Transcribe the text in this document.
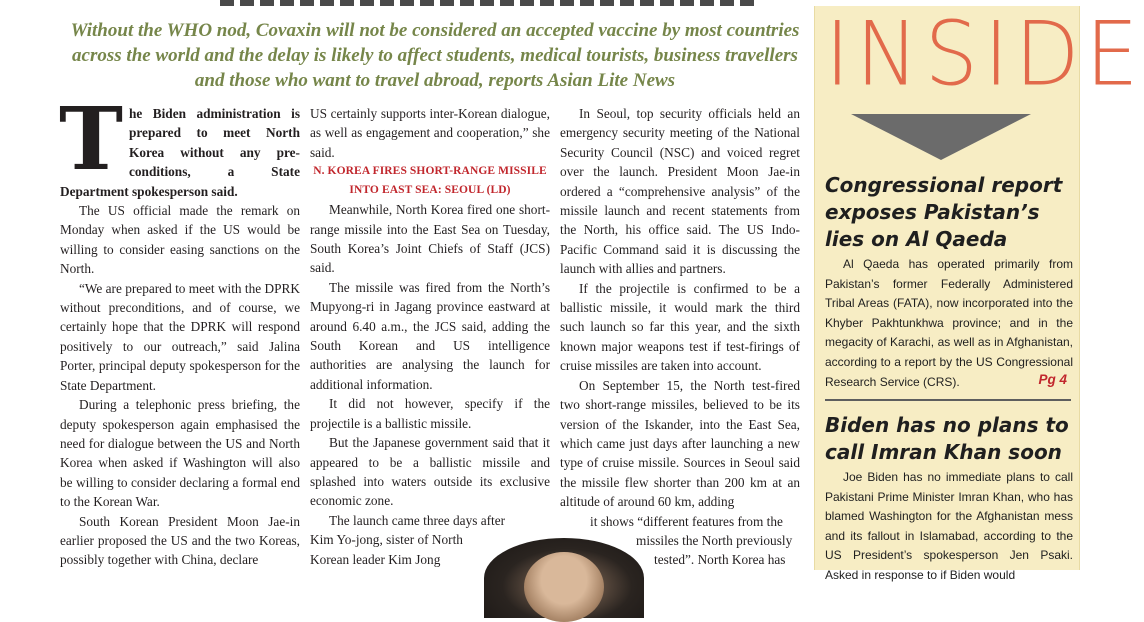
Without the WHO nod, Covaxin will not be considered an accepted vaccine by most countries across the world and the delay is likely to affect students, medical tourists, business travellers and those who want to travel abroad, reports Asian Lite News

The Biden administration is prepared to meet North Korea without any pre-conditions, a State Department spokesperson said.

The US official made the remark on Monday when asked if the US would be willing to consider easing sanctions on the North.

“We are prepared to meet with the DPRK without preconditions, and of course, we certainly hope that the DPRK will respond positively to our outreach,” said Jalina Porter, principal deputy spokesperson for the State Department.

During a telephonic press briefing, the deputy spokesperson again emphasised the need for dialogue between the US and North Korea when asked if Washington will also be willing to consider declaring a formal end to the Korean War.

South Korean President Moon Jae-in earlier proposed the US and the two Koreas, possibly together with China, declare

US certainly supports inter-Korean dialogue, as well as engagement and cooperation,” she said.

N. KOREA FIRES SHORT-RANGE MISSILE INTO EAST SEA: SEOUL (LD)

Meanwhile, North Korea fired one short-range missile into the East Sea on Tuesday, South Korea’s Joint Chiefs of Staff (JCS) said.

The missile was fired from the North’s Mupyong-ri in Jagang province eastward at around 6.40 a.m., the JCS said, adding the South Korean and US intelligence authorities are analysing the launch for additional information.

It did not however, specify if the projectile is a ballistic missile.

But the Japanese government said that it appeared to be a ballistic missile and splashed into waters outside its exclusive economic zone.

The launch came three days after

Kim Yo-jong, sister of North

Korean leader Kim Jong

In Seoul, top security officials held an emergency security meeting of the National Security Council (NSC) and voiced regret over the launch. President Moon Jae-in ordered a “comprehensive analysis” of the missile launch and recent statements from the North, his office said. The US Indo-Pacific Command said it is discussing the launch with allies and partners.

If the projectile is confirmed to be a ballistic missile, it would mark the third such launch so far this year, and the sixth known major weapons test if test-firings of cruise missiles are taken into account.

On September 15, the North test-fired two short-range missiles, believed to be its version of the Iskander, into the East Sea, which came just days after launching a new type of cruise missile. Sources in Seoul said the missile flew shorter than 200 km at an altitude of around 60 km, adding

it shows “different features from the

missiles the North previously

tested”. North Korea has

INSIDE
Congressional report exposes Pakistan’s lies on Al Qaeda
Al Qaeda has operated primarily from Pakistan’s former Federally Administered Tribal Areas (FATA), now incorporated into the Khyber Pakhtunkhwa province; and in the megacity of Karachi, as well as in Afghanistan, according to a report by the US Congressional Research Service (CRS).	Pg 4
Biden has no plans to call Imran Khan soon
Joe Biden has no immediate plans to call Pakistani Prime Minister Imran Khan, who has blamed Washington for the Afghanistan mess and its fallout in Islamabad, according to the US President’s spokesperson Jen Psaki. Asked in response to if Biden would
